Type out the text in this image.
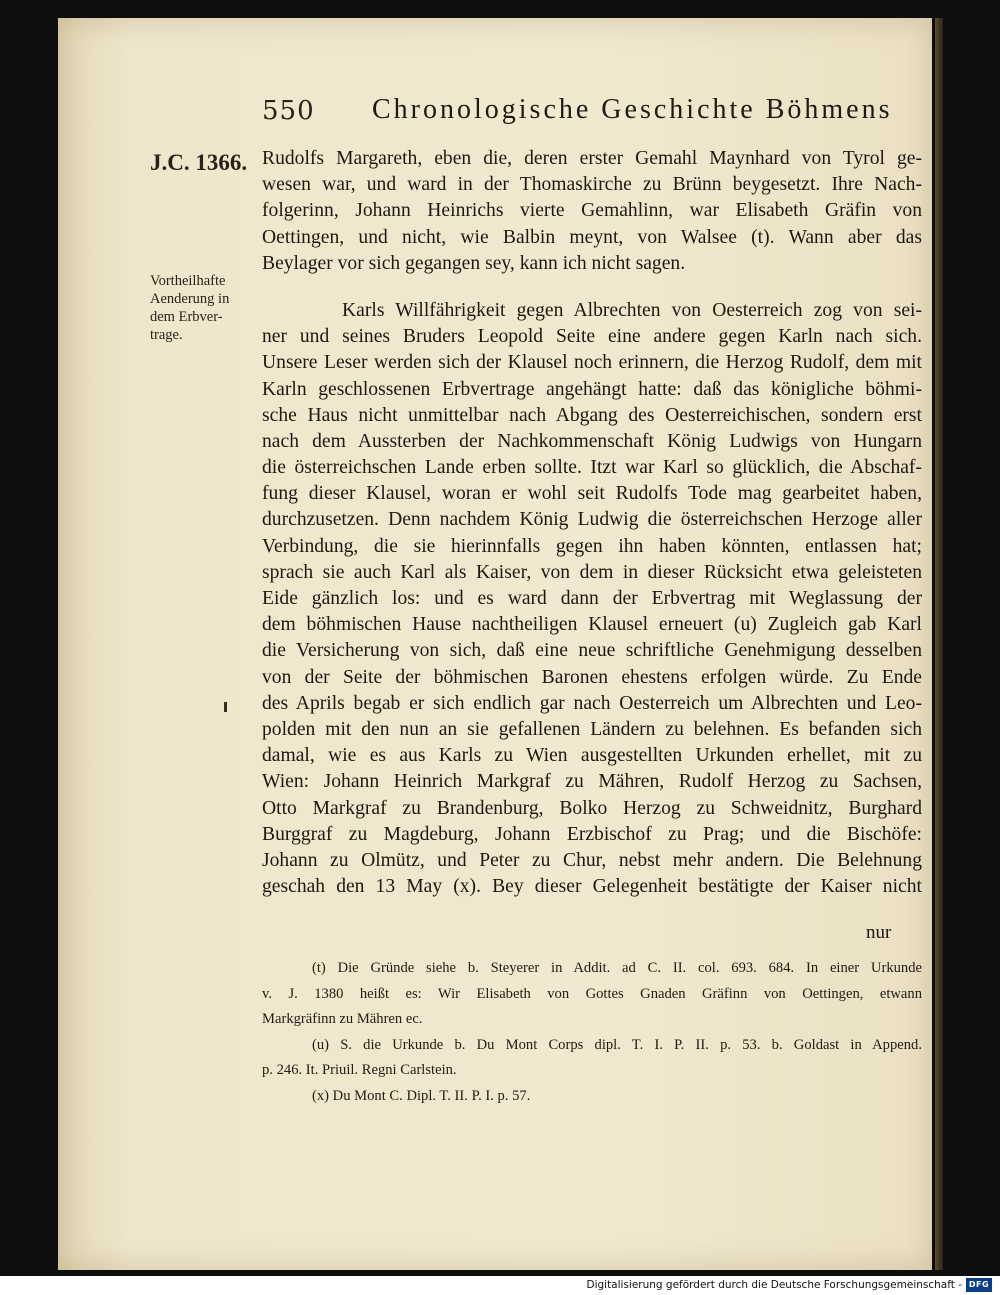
550 Chronologische Geschichte Böhmens
J.C. 1366.
Vortheilhafte
Aenderung in
dem Erbver-
trage.
Rudolfs Margareth, eben die, deren erster Gemahl Maynhard von Tyrol ge-
wesen war, und ward in der Thomaskirche zu Brünn beygesetzt. Ihre Nach-
folgerinn, Johann Heinrichs vierte Gemahlinn, war Elisabeth Gräfin von
Oettingen, und nicht, wie Balbin meynt, von Walsee (t). Wann aber das
Beylager vor sich gegangen sey, kann ich nicht sagen.
Karls Willfährigkeit gegen Albrechten von Oesterreich zog von sei-
ner und seines Bruders Leopold Seite eine andere gegen Karln nach sich.
Unsere Leser werden sich der Klausel noch erinnern, die Herzog Rudolf, dem mit
Karln geschlossenen Erbvertrage angehängt hatte: daß das königliche böhmi-
sche Haus nicht unmittelbar nach Abgang des Oesterreichischen, sondern erst
nach dem Aussterben der Nachkommenschaft König Ludwigs von Hungarn
die österreichschen Lande erben sollte. Itzt war Karl so glücklich, die Abschaf-
fung dieser Klausel, woran er wohl seit Rudolfs Tode mag gearbeitet haben,
durchzusetzen. Denn nachdem König Ludwig die österreichschen Herzoge aller
Verbindung, die sie hierinnfalls gegen ihn haben könnten, entlassen hat;
sprach sie auch Karl als Kaiser, von dem in dieser Rücksicht etwa geleisteten
Eide gänzlich los: und es ward dann der Erbvertrag mit Weglassung der
dem böhmischen Hause nachtheiligen Klausel erneuert (u) Zugleich gab Karl
die Versicherung von sich, daß eine neue schriftliche Genehmigung desselben
von der Seite der böhmischen Baronen ehestens erfolgen würde. Zu Ende
des Aprils begab er sich endlich gar nach Oesterreich um Albrechten und Leo-
polden mit den nun an sie gefallenen Ländern zu belehnen. Es befanden sich
damal, wie es aus Karls zu Wien ausgestellten Urkunden erhellet, mit zu
Wien: Johann Heinrich Markgraf zu Mähren, Rudolf Herzog zu Sachsen,
Otto Markgraf zu Brandenburg, Bolko Herzog zu Schweidnitz, Burghard
Burggraf zu Magdeburg, Johann Erzbischof zu Prag; und die Bischöfe:
Johann zu Olmütz, und Peter zu Chur, nebst mehr andern. Die Belehnung
geschah den 13 May (x). Bey dieser Gelegenheit bestätigte der Kaiser nicht
nur
(t) Die Gründe siehe b. Steyerer in Addit. ad C. II. col. 693. 684. In einer Urkunde
v. J. 1380 heißt es: Wir Elisabeth von Gottes Gnaden Gräfinn von Oettingen, etwann
Markgräfinn zu Mähren ec.
(u) S. die Urkunde b. Du Mont Corps dipl. T. I. P. II. p. 53. b. Goldast in Append.
p. 246. It. Priuil. Regni Carlstein.
(x) Du Mont C. Dipl. T. II. P. I. p. 57.
Digitalisierung gefördert durch die Deutsche Forschungsgemeinschaft - DFG
